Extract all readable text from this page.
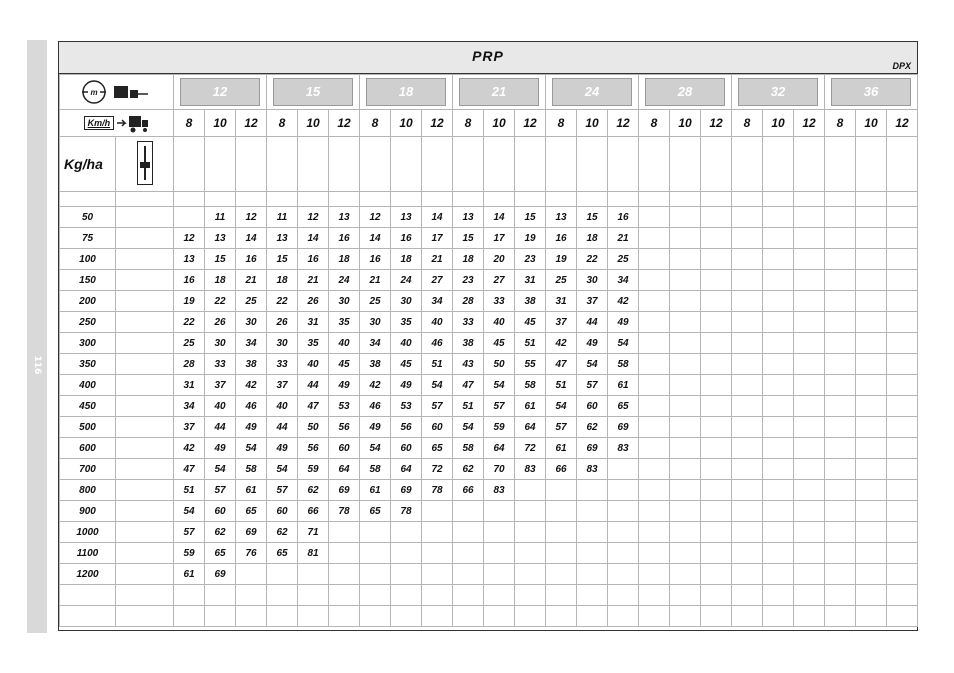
116
PRP
DPX
m		12			15			18			21			24			28			32			36		

Km/h		8	10	12	8	10	12	8	10	12	8	10	12	8	10	12	8	10	12	8	10	12	8	10	12
Kg/ha																									

50			11	12	11	12	13	12	13	14	13	14	15	13	15	16									
75		12	13	14	13	14	16	14	16	17	15	17	19	16	18	21									
100		13	15	16	15	16	18	16	18	21	18	20	23	19	22	25									
150		16	18	21	18	21	24	21	24	27	23	27	31	25	30	34									
200		19	22	25	22	26	30	25	30	34	28	33	38	31	37	42									
250		22	26	30	26	31	35	30	35	40	33	40	45	37	44	49									
300		25	30	34	30	35	40	34	40	46	38	45	51	42	49	54									
350		28	33	38	33	40	45	38	45	51	43	50	55	47	54	58									
400		31	37	42	37	44	49	42	49	54	47	54	58	51	57	61									
450		34	40	46	40	47	53	46	53	57	51	57	61	54	60	65									
500		37	44	49	44	50	56	49	56	60	54	59	64	57	62	69									
600		42	49	54	49	56	60	54	60	65	58	64	72	61	69	83									
700		47	54	58	54	59	64	58	64	72	62	70	83	66	83										
800		51	57	61	57	62	69	61	69	78	66	83													
900		54	60	65	60	66	78	65	78																
1000		57	62	69	62	71																			
1100		59	65	76	65	81																			
1200		61	69																						
